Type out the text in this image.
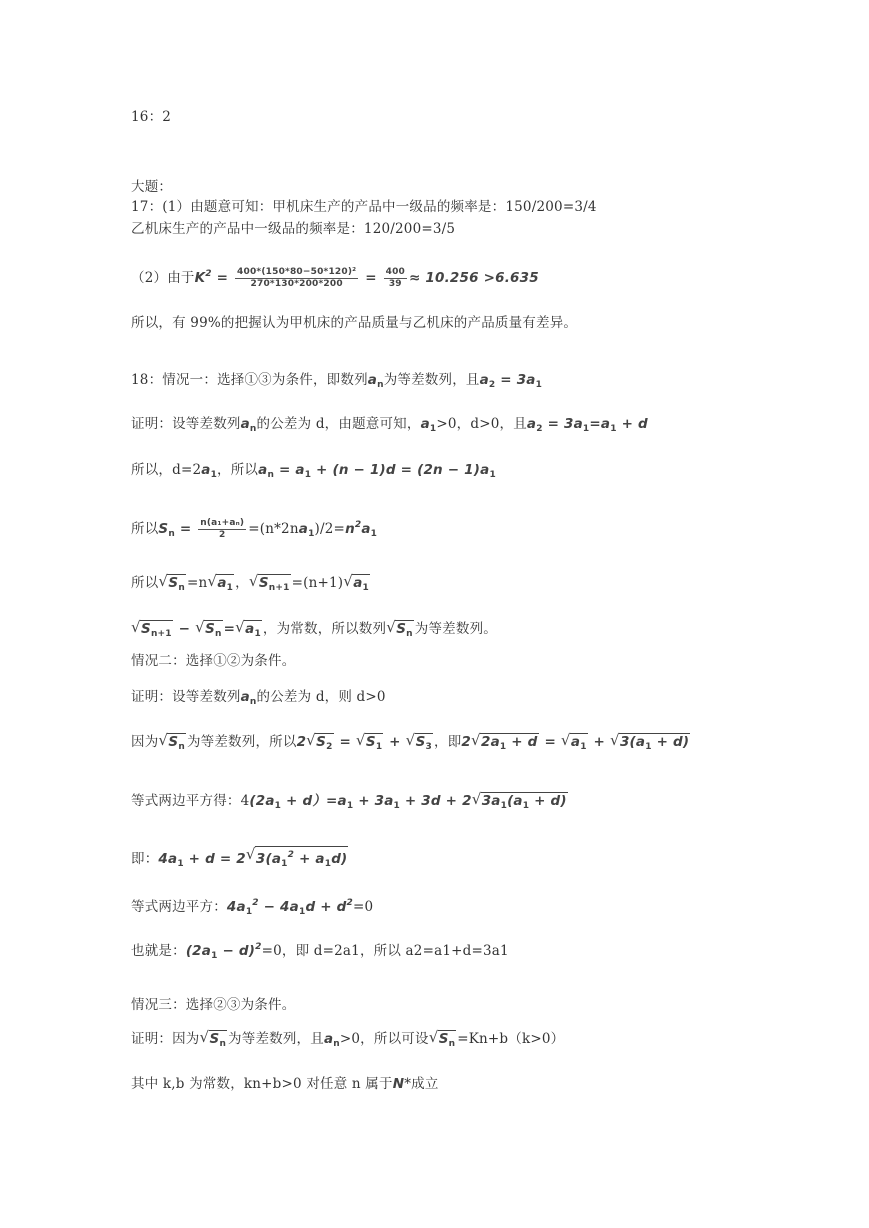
16：2
大题：
17：(1）由题意可知：甲机床生产的产品中一级品的频率是：150/200=3/4
乙机床生产的产品中一级品的频率是：120/200=3/5
（2）由于$K^2 = \frac{\text{400*(150*80−50*120)²}}{270*130*200*200} = \frac{400}{39} \approx 10.256 >6.635$
所以，有 99%的把握认为甲机床的产品质量与乙机床的产品质量有差异。
18：情况一：选择①③为条件，即数列$a_n$为等差数列，且$a_2 = 3a_1$
证明：设等差数列$a_n$的公差为 d，由题意可知，$a_1>0$，d>0，且$a_2 = 3a_1=a_1 + d$
所以，$d=2a_1$，所以$a_n = a_1 + (n - 1)d = (2n - 1)a_1$
所以$S_n = \frac{\text{n(a₁+aₙ)}}{2} =(n*2na_1)/2=n^2a_1$
所以√ $S_n =n√$ $a_1$ ，√ $S_{n+1} =(n+1)√$ $a_1$
√ $S_{n+1}$ − √ $S_n$ =√ $a_1$ ，为常数，所以数列√ $S_n$ 为等差数列。
情况二：选择①②为条件。
证明：设等差数列$a_n$的公差为 d，则 d>0
因为√ $S_n$ 为等差数列，所以2√ $S_2$ = √ $S_1$ + √ $S_3$ ，即2√ $2a_1 + d$ = √ $a_1$ + √ $3(a_1 + d)$
等式两边平方得：$4(2a_1 + d)=a_1 + 3a_1 + 3d + 2√$ $3a_1(a_1 + d)$
即：$4a_1 + d = 2√$ $3(a_1^2 + a_1d)$
等式两边平方：$4a_1^2 - 4a_1d + d^2=0$
也就是：$(2a_1 - d)^2=0$，即 d=2a1，所以 a2=a1+d=3a1
情况三：选择②③为条件。
证明：因为√ $S_n$ 为等差数列，且$a_n>0$，所以可设√ $S_n =Kn+b(k>0)$
其中 k,b 为常数，kn+b>0 对任意 n 属于N*成立
